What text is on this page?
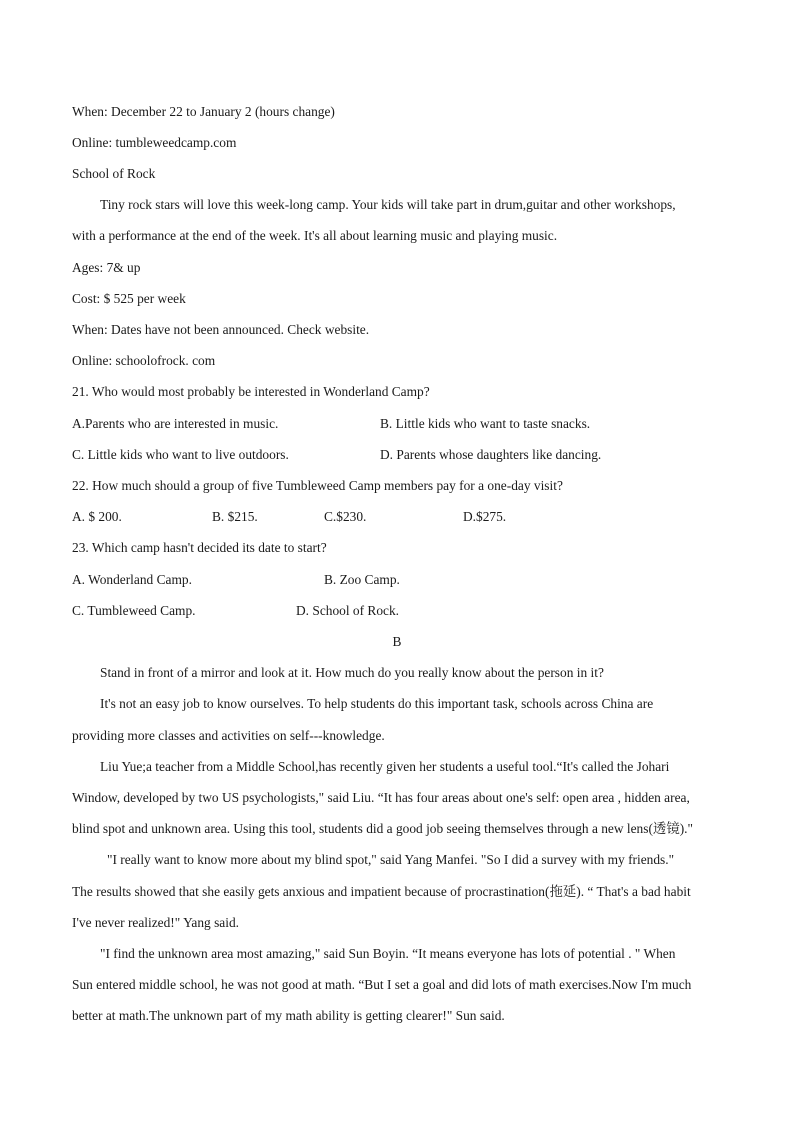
When: December 22 to January 2 (hours change)
Online: tumbleweedcamp.com
School of Rock
Tiny rock stars will love this week-long camp. Your kids will take part in drum,guitar and other workshops,
with a performance at the end of the week. It's all about learning music and playing music.
Ages: 7& up
Cost: $ 525 per week
When: Dates have not been announced. Check website.
Online: schoolofrock. com
21. Who would most probably be interested in Wonderland Camp?
A.Parents who are interested in music.	B. Little kids who want to taste snacks.
C. Little kids who want to live outdoors.	D. Parents whose daughters like dancing.
22. How much should a group of five Tumbleweed Camp members pay for a one-day visit?
A. $ 200.	B. $215.	C.$230.	D.$275.
23. Which camp hasn't decided its date to start?
A. Wonderland Camp.	B. Zoo Camp.
C. Tumbleweed Camp.	D. School of Rock.
B
Stand in front of a mirror and look at it. How much do you really know about the person in it?
It's not an easy job to know ourselves. To help students do this important task, schools across China are
providing more classes and activities on self---knowledge.
Liu Yue;a teacher from a Middle School,has recently given her students a useful tool.“It's called the Johari
Window, developed by two US psychologists," said Liu. “It has four areas about one's self: open area , hidden area,
blind spot and unknown area. Using this tool, students did a good job seeing themselves through a new lens(透镜)."
"I really want to know more about my blind spot," said Yang Manfei. "So I did a survey with my friends."
The results showed that she easily gets anxious and impatient because of procrastination(拖延). “ That's a bad habit
I've never realized!" Yang said.
"I find the unknown area most amazing," said Sun Boyin. “It means everyone has lots of potential . " When
Sun entered middle school, he was not good at math. “But I set a goal and did lots of math exercises.Now I'm much
better at math.The unknown part of my math ability is getting clearer!" Sun said.
